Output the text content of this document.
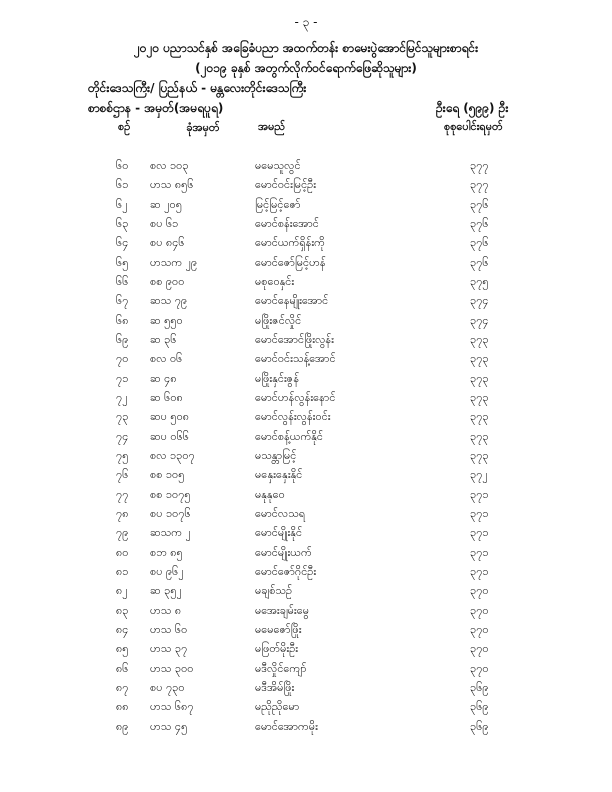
- ၃ -
၂၀၂၀ ပညာသင်နှစ် အခြေခံပညာ အထက်တန်း စာမေးပွဲအောင်မြင်သူများစာရင်း
(၂၀၁၉ ခုနှစ် အတွက်လိုက်ဝင်ရောက်ဖြေဆိုသူများ)
တိုင်းဒေသကြီး/ ပြည်နယ် - မန္တလေးတိုင်းဒေသကြီး
စာစစ်ဌာန - အမှတ်(အမရပူရ)	ဦးရေ (၅၉၉) ဦး
စဉ်	ခုံအမှတ်	အမည်	စုစုပေါင်းရမှတ်
၆၀	စလ ၁၀၃	မမေသူလွင်	၃၇၇
၆၁	ဟသ ၈၅၆	မောင်ဝင်းမြင့်ဦး	၃၇၇
၆၂	ဆ ၂၀၅	မြင့်မြင့်ဇော်	၃၇၆
၆၃	စပ ၆၁	မောင်စန်းအောင်	၃၇၆
၆၄	စပ ၈၄၆	မောင်ယက်ရှိန်းကို	၃၇၆
၆၅	ဟသက ၂၉	မောင်ဇော်မြင့်ဟန်	၃၇၆
၆၆	စစ ၉၀၀	မစုဝေနှင်း	၃၇၅
၆၇	ဆသ ၇၉	မောင်နေမျိုးအောင်	၃၇၄
၆၈	ဆ ၅၅၀	မဖြိုးဇင်လှိုင်	၃၇၄
၆၉	ဆ ၃၆	မောင်အောင်ဖြိုးလွန်း	၃၇၃
၇၀	စလ ၀၆	မောင်ဝင်းသန့်အောင်	၃၇၃
၇၁	ဆ ၄၈	မဖြိုးနှင်းဇွန်	၃၇၃
၇၂	ဆ ၆၀၈	မောင်ဟန်လွန်းနောင်	၃၇၃
၇၃	ဆပ ၅၀၈	မောင်လွန်းလွန်းဝင်း	၃၇၃
၇၄	ဆပ ၀၆၆	မောင်စန့်ယက်နိုင်	၃၇၃
၇၅	စလ ၁၃၀၇	မသန္တာမြင့်	၃၇၃
၇၆	စစ ၁၀၅	မနှေးနှေးနိုင်	၃၇၂
၇၇	စစ ၁၀၇၅	မနုနုဝေ	၃၇၁
၇၈	စပ ၁၀၇၆	မောင်လသရ	၃၇၁
၇၉	ဆသက ၂	မောင်မျိုးနိုင်	၃၇၁
၈၀	စဘ ၈၅	မောင်မျိုးယက်	၃၇၁
၈၁	စပ ၉၆၂	မောင်ဇော်ဂိုင်ဦး	၃၇၁
၈၂	ဆ ၃၅၂	မချစ်သဉ်	၃၇၀
၈၃	ဟသ ၈	မအေးချမ်းမွေ	၃၇၀
၈၄	ဟသ ၆၀	မမေဇော်ဖြိုး	၃၇၀
၈၅	ဟသ ၃၇	မဖြတ်မိုးဦး	၃၇၀
၈၆	ဟသ ၃၀၀	မဒီလှိုင်ကျော်	၃၇၀
၈၇	စပ ၇၃၀	မဒီအိမ်ဖြိုး	၃၆၉
၈၈	ဟသ ၆၈၇	မညိုညိုမော	၃၆၉
၈၉	ဟသ ၄၅	မောင်အောကမိုး	၃၆၉
